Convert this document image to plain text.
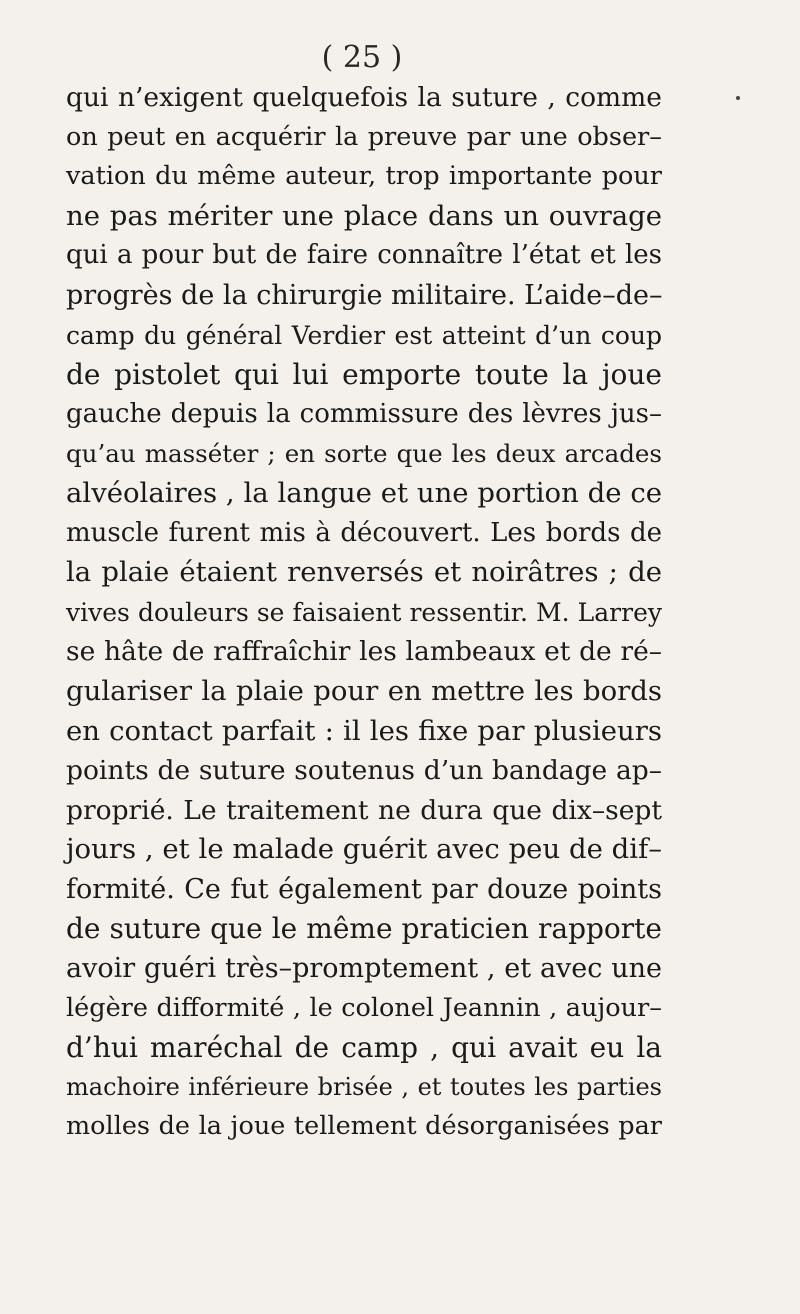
( 25 )
qui n’exigent quelquefois la suture , comme
on peut en acquérir la preuve par une obser–
vation du même auteur, trop importante pour
ne pas mériter une place dans un ouvrage
qui a pour but de faire connaître l’état et les
progrès de la chirurgie militaire. L’aide–de–
camp du général Verdier est atteint d’un coup
de pistolet qui lui emporte toute la joue
gauche depuis la commissure des lèvres jus–
qu’au masséter ; en sorte que les deux arcades
alvéolaires , la langue et une portion de ce
muscle furent mis à découvert. Les bords de
la plaie étaient renversés et noirâtres ; de
vives douleurs se faisaient ressentir. M. Larrey
se hâte de raffraîchir les lambeaux et de ré–
gulariser la plaie pour en mettre les bords
en contact parfait : il les fixe par plusieurs
points de suture soutenus d’un bandage ap–
proprié. Le traitement ne dura que dix–sept
jours , et le malade guérit avec peu de dif–
formité. Ce fut également par douze points
de suture que le même praticien rapporte
avoir guéri très–promptement , et avec une
légère difformité , le colonel Jeannin , aujour–
d’hui maréchal de camp , qui avait eu la
machoire inférieure brisée , et toutes les parties
molles de la joue tellement désorganisées par
